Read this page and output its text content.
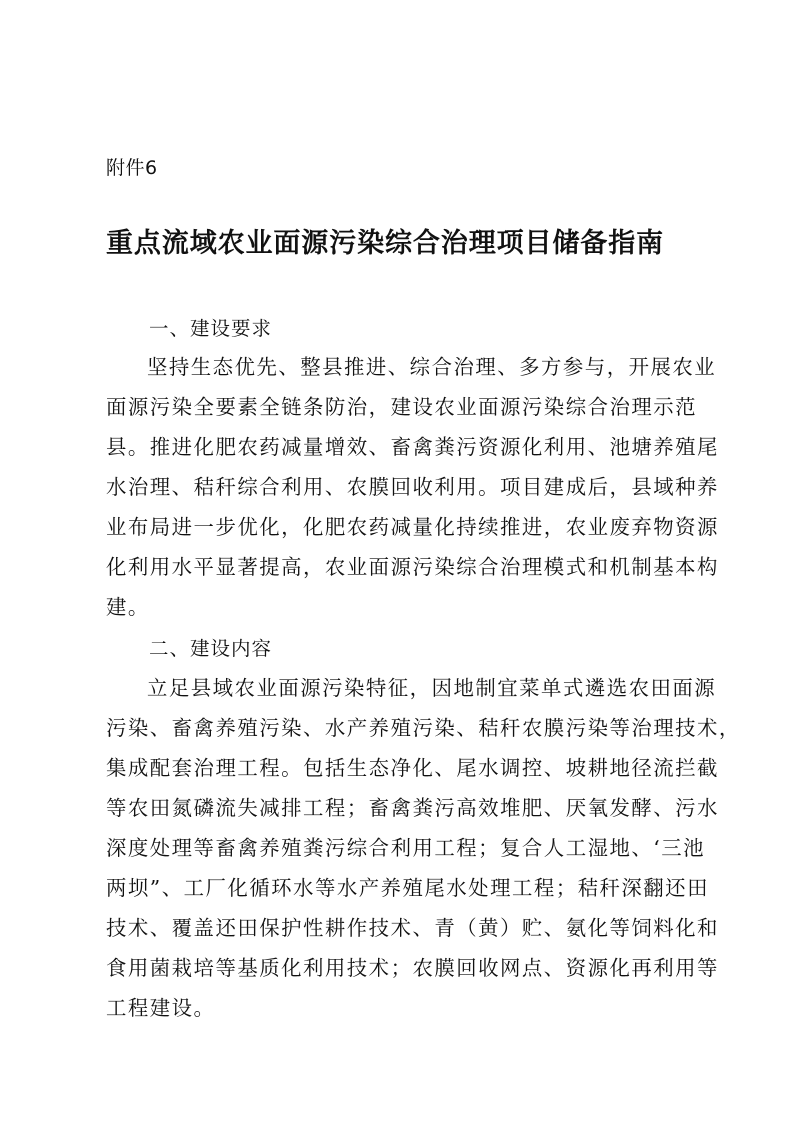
附件6
重点流域农业面源污染综合治理项目储备指南
一、建设要求
坚持生态优先、整县推进、综合治理、多方参与，开展农业
面源污染全要素全链条防治，建设农业面源污染综合治理示范
县。推进化肥农药减量增效、畜禽粪污资源化利用、池塘养殖尾
水治理、秸秆综合利用、农膜回收利用。项目建成后，县域种养
业布局进一步优化，化肥农药减量化持续推进，农业废弃物资源
化利用水平显著提高，农业面源污染综合治理模式和机制基本构
建。
二、建设内容
立足县域农业面源污染特征，因地制宜菜单式遴选农田面源
污染、畜禽养殖污染、水产养殖污染、秸秆农膜污染等治理技术，
集成配套治理工程。包括生态净化、尾水调控、坡耕地径流拦截
等农田氮磷流失减排工程；畜禽粪污高效堆肥、厌氧发酵、污水
深度处理等畜禽养殖粪污综合利用工程；复合人工湿地、‘三池
两坝”、工厂化循环水等水产养殖尾水处理工程；秸秆深翻还田
技术、覆盖还田保护性耕作技术、青（黄）贮、氨化等饲料化和
食用菌栽培等基质化利用技术；农膜回收网点、资源化再利用等
工程建设。
